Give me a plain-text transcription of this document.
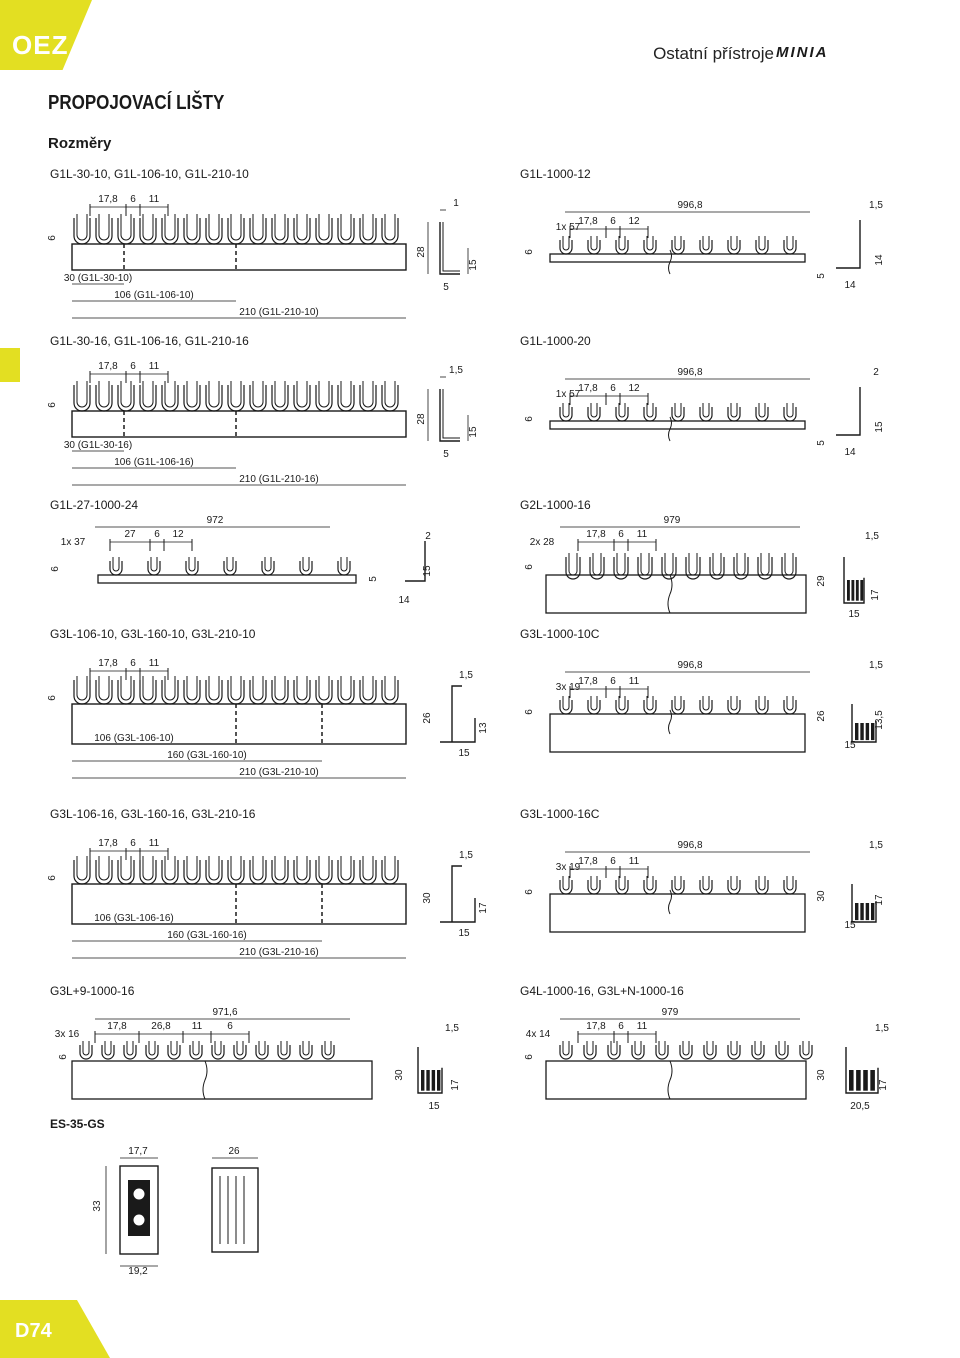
OEZ	Ostatní přístroje MINIA
PROPOJOVACÍ LIŠTY
Rozměry
D74
G1L-30-10, G1L-106-10, G1L-210-10
17,8 6 11
6
30 (G1L-30-10)
106 (G1L-106-10)
210 (G1L-210-10)
28
15
1
5
G1L-1000-12
1x 57
996,8
17,8 6 12
6
1,5
14
14
5
G1L-30-16, G1L-106-16, G1L-210-16
17,8 6 11
6
30 (G1L-30-16)
106 (G1L-106-16)
210 (G1L-210-16)
28
15
1,5
5
G1L-1000-20
1x 57
996,8
17,8 6 12
6
2
14
15
5
G1L-27-1000-24
1x 37
972
27 6 12
6
2
5
15
14
G2L-1000-16
2x 28
979
17,8 6 11
6
1,5
29
17
15
G3L-106-10, G3L-160-10, G3L-210-10
17,8 6 11
6
106 (G3L-106-10)
160 (G3L-160-10)
210 (G3L-210-10)
1,5
26
13
15
G3L-1000-10C
3x 19
996,8
17,8 6 11
6
1,5
15
13,5
26
G3L-106-16, G3L-160-16, G3L-210-16
17,8 6 11
6
106 (G3L-106-16)
160 (G3L-160-16)
210 (G3L-210-16)
1,5
30
17
15
G3L-1000-16C
3x 19
996,8
17,8 6 11
6
1,5
15
17
30
G3L+9-1000-16
3x 16
971,6
17,8 26,8 11	6
6
1,5
30
17
15
G4L-1000-16, G3L+N-1000-16
4x 14
979
17,8 6 11
6
1,5
30
17
20,5
ES-35-GS
17,7
33
19,2
26
